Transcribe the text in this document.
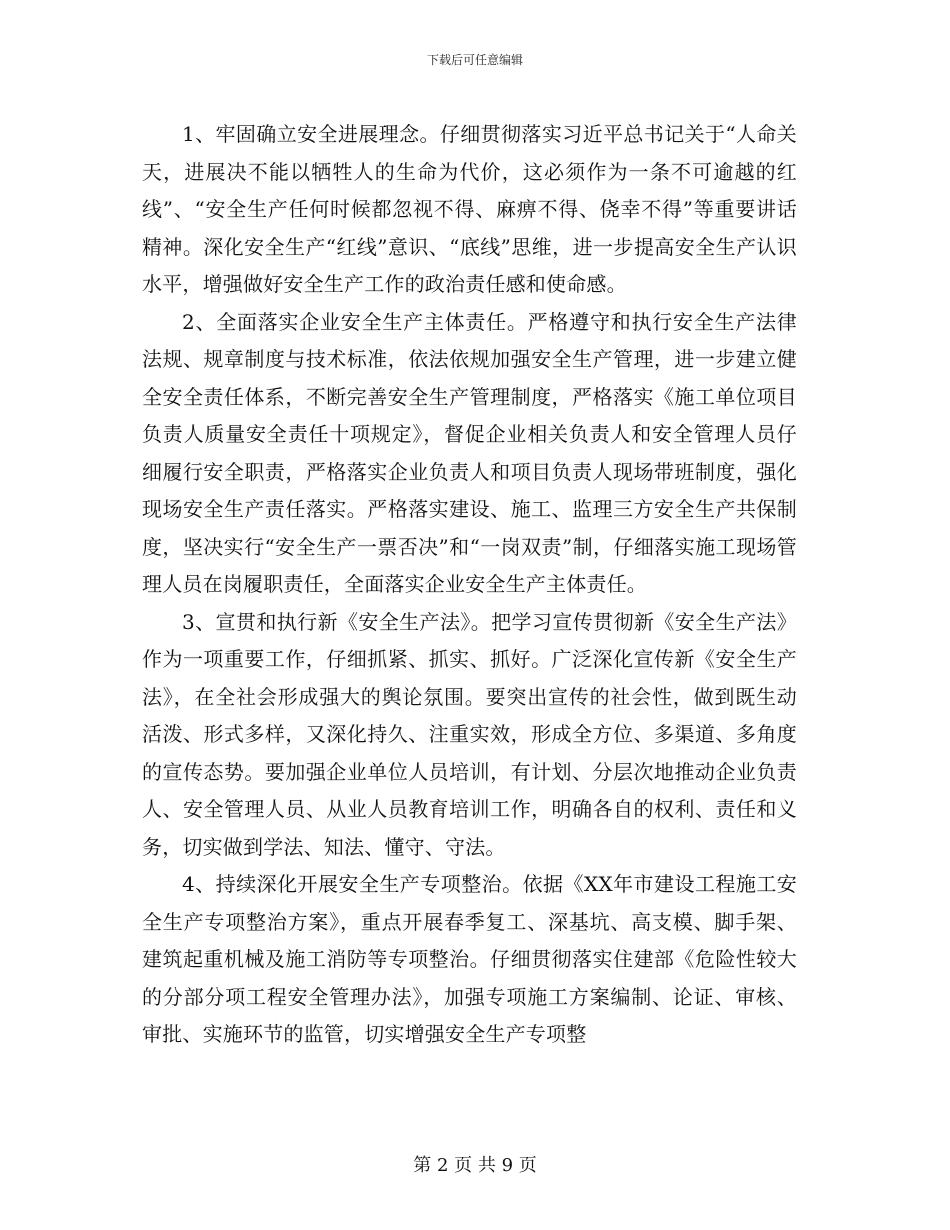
下载后可任意编辑

1、牢固确立安全进展理念。仔细贯彻落实习近平总书记关于“人命关天，进展决不能以牺牲人的生命为代价，这必须作为一条不可逾越的红线”、“安全生产任何时候都忽视不得、麻痹不得、侥幸不得”等重要讲话精神。深化安全生产“红线”意识、“底线”思维，进一步提高安全生产认识水平，增强做好安全生产工作的政治责任感和使命感。

2、全面落实企业安全生产主体责任。严格遵守和执行安全生产法律法规、规章制度与技术标准，依法依规加强安全生产管理，进一步建立健全安全责任体系，不断完善安全生产管理制度，严格落实《施工单位项目负责人质量安全责任十项规定》，督促企业相关负责人和安全管理人员仔细履行安全职责，严格落实企业负责人和项目负责人现场带班制度，强化现场安全生产责任落实。严格落实建设、施工、监理三方安全生产共保制度，坚决实行“安全生产一票否决”和“一岗双责”制，仔细落实施工现场管理人员在岗履职责任，全面落实企业安全生产主体责任。

3、宣贯和执行新《安全生产法》。把学习宣传贯彻新《安全生产法》作为一项重要工作，仔细抓紧、抓实、抓好。广泛深化宣传新《安全生产法》，在全社会形成强大的舆论氛围。要突出宣传的社会性，做到既生动活泼、形式多样，又深化持久、注重实效，形成全方位、多渠道、多角度的宣传态势。要加强企业单位人员培训，有计划、分层次地推动企业负责人、安全管理人员、从业人员教育培训工作，明确各自的权利、责任和义务，切实做到学法、知法、懂守、守法。

4、持续深化开展安全生产专项整治。依据《XX年市建设工程施工安全生产专项整治方案》，重点开展春季复工、深基坑、高支模、脚手架、建筑起重机械及施工消防等专项整治。仔细贯彻落实住建部《危险性较大的分部分项工程安全管理办法》，加强专项施工方案编制、论证、审核、审批、实施环节的监管，切实增强安全生产专项整

第 2 页 共 9 页
